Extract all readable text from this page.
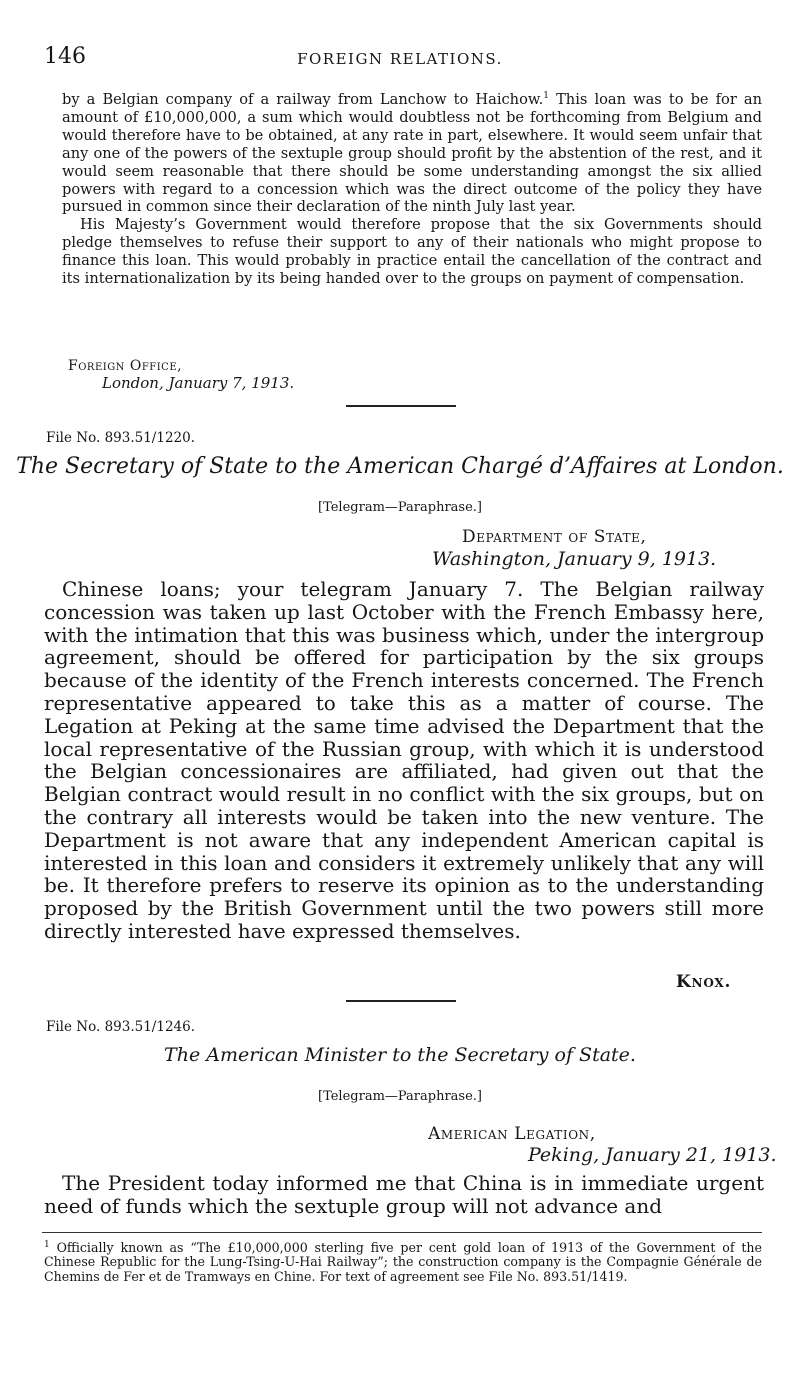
146	FOREIGN RELATIONS.

by a Belgian company of a railway from Lanchow to Haichow.$^1$ This loan was to be for an amount of £10,000,000, a sum which would doubtless not be forthcoming from Belgium and would therefore have to be obtained, at any rate in part, elsewhere. It would seem unfair that any one of the powers of the sextuple group should profit by the abstention of the rest, and it would seem reasonable that there should be some understanding amongst the six allied powers with regard to a concession which was the direct outcome of the policy they have pursued in common since their declaration of the ninth July last year.

His Majesty’s Government would therefore propose that the six Governments should pledge themselves to refuse their support to any of their nationals who might propose to finance this loan. This would probably in practice entail the cancellation of the contract and its internationalization by its being handed over to the groups on payment of compensation.

Foreign Office,
London, January 7, 1913.
File No. 893.51/1220.
The Secretary of State to the American Chargé d’Affaires at London.
[Telegram—Paraphrase.]
Department of State,
Washington, January 9, 1913.

Chinese loans; your telegram January 7. The Belgian railway concession was taken up last October with the French Embassy here, with the intimation that this was business which, under the intergroup agreement, should be offered for participation by the six groups because of the identity of the French interests concerned. The French representative appeared to take this as a matter of course. The Legation at Peking at the same time advised the Department that the local representative of the Russian group, with which it is understood the Belgian concessionaires are affiliated, had given out that the Belgian contract would result in no conflict with the six groups, but on the contrary all interests would be taken into the new venture. The Department is not aware that any independent American capital is interested in this loan and considers it extremely unlikely that any will be. It therefore prefers to reserve its opinion as to the understanding proposed by the British Government until the two powers still more directly interested have expressed themselves.

Knox.
File No. 893.51/1246.
The American Minister to the Secretary of State.
[Telegram—Paraphrase.]
American Legation,
Peking, January 21, 1913.

The President today informed me that China is in immediate urgent need of funds which the sextuple group will not advance and

$^1$ Officially known as “The £10,000,000 sterling five per cent gold loan of 1913 of the Government of the Chinese Republic for the Lung-Tsing-U-Hai Railway”; the construction company is the Compagnie Générale de Chemins de Fer et de Tramways en Chine. For text of agreement see File No. 893.51/1419.
